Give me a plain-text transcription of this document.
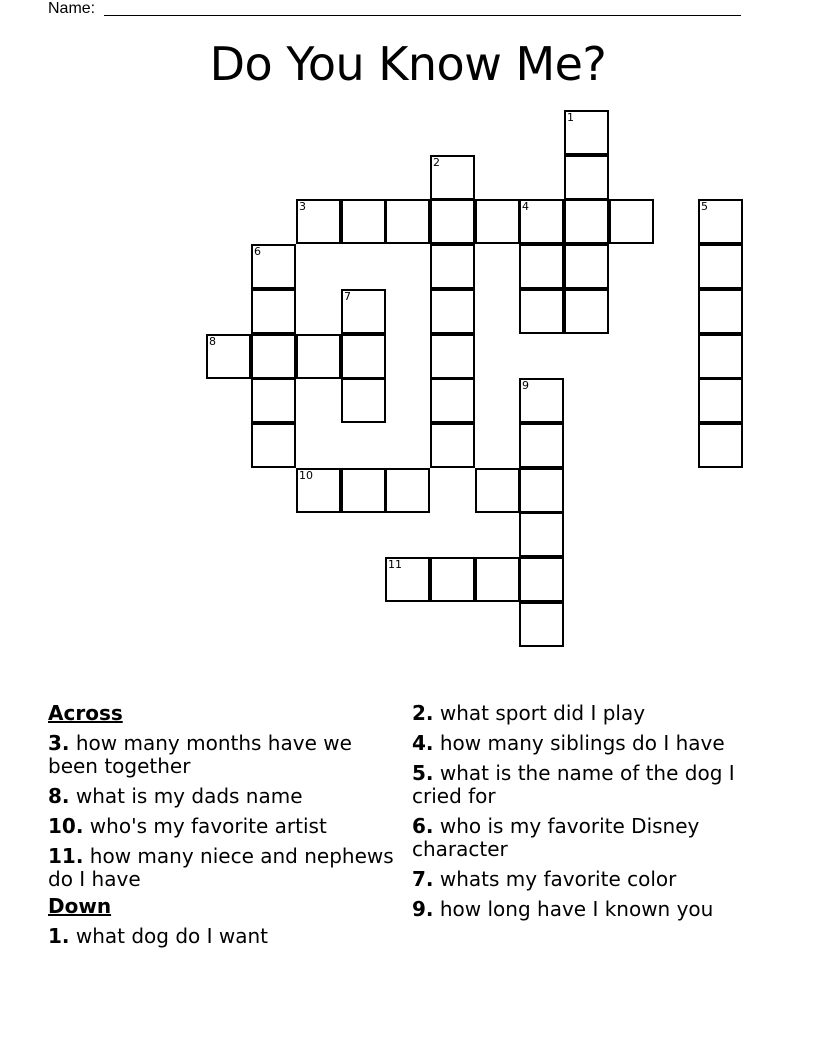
Name:
Do You Know Me?
1
2
3	4	5
6
7
8
9
10
11
Across
3. how many months have we been together
8. what is my dads name
10. who's my favorite artist
11. how many niece and nephews do I have
Down
1. what dog do I want
2. what sport did I play
4. how many siblings do I have
5. what is the name of the dog I cried for
6. who is my favorite Disney character
7. whats my favorite color
9. how long have I known you
